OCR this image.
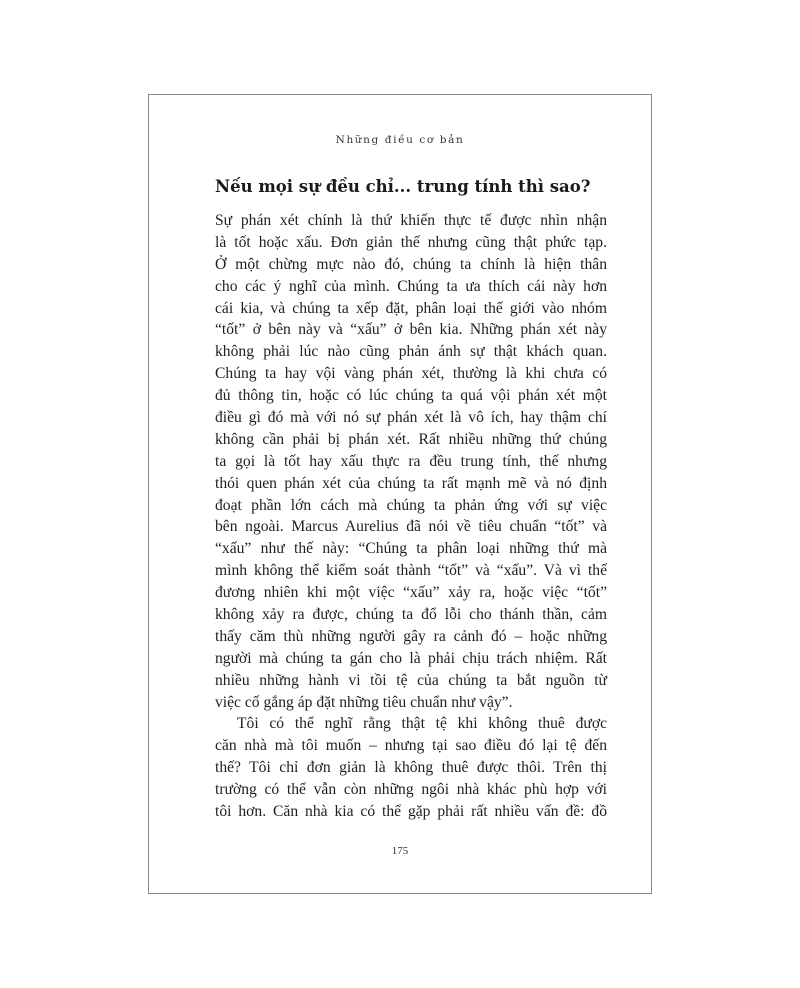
Những điều cơ bản
Nếu mọi sự đều chỉ... trung tính thì sao?
Sự phán xét chính là thứ khiến thực tế được nhìn nhận
là tốt hoặc xấu. Đơn giản thế nhưng cũng thật phức tạp.
Ở một chừng mực nào đó, chúng ta chính là hiện thân
cho các ý nghĩ của mình. Chúng ta ưa thích cái này hơn
cái kia, và chúng ta xếp đặt, phân loại thế giới vào nhóm
“tốt” ở bên này và “xấu” ở bên kia. Những phán xét này
không phải lúc nào cũng phản ánh sự thật khách quan.
Chúng ta hay vội vàng phán xét, thường là khi chưa có
đủ thông tin, hoặc có lúc chúng ta quá vội phán xét một
điều gì đó mà với nó sự phán xét là vô ích, hay thậm chí
không cần phải bị phán xét. Rất nhiều những thứ chúng
ta gọi là tốt hay xấu thực ra đều trung tính, thế nhưng
thói quen phán xét của chúng ta rất mạnh mẽ và nó định
đoạt phần lớn cách mà chúng ta phản ứng với sự việc
bên ngoài. Marcus Aurelius đã nói về tiêu chuẩn “tốt” và
“xấu” như thế này: “Chúng ta phân loại những thứ mà
mình không thể kiểm soát thành “tốt” và “xấu”. Và vì thế
đương nhiên khi một việc “xấu” xảy ra, hoặc việc “tốt”
không xảy ra được, chúng ta đổ lỗi cho thánh thần, cảm
thấy căm thù những người gây ra cảnh đó – hoặc những
người mà chúng ta gán cho là phải chịu trách nhiệm. Rất
nhiều những hành vi tồi tệ của chúng ta bắt nguồn từ
việc cố gắng áp đặt những tiêu chuẩn như vậy”.
Tôi có thể nghĩ rằng thật tệ khi không thuê được
căn nhà mà tôi muốn – nhưng tại sao điều đó lại tệ đến
thế? Tôi chỉ đơn giản là không thuê được thôi. Trên thị
trường có thể vẫn còn những ngôi nhà khác phù hợp với
tôi hơn. Căn nhà kia có thể gặp phải rất nhiều vấn đề: đồ
175
